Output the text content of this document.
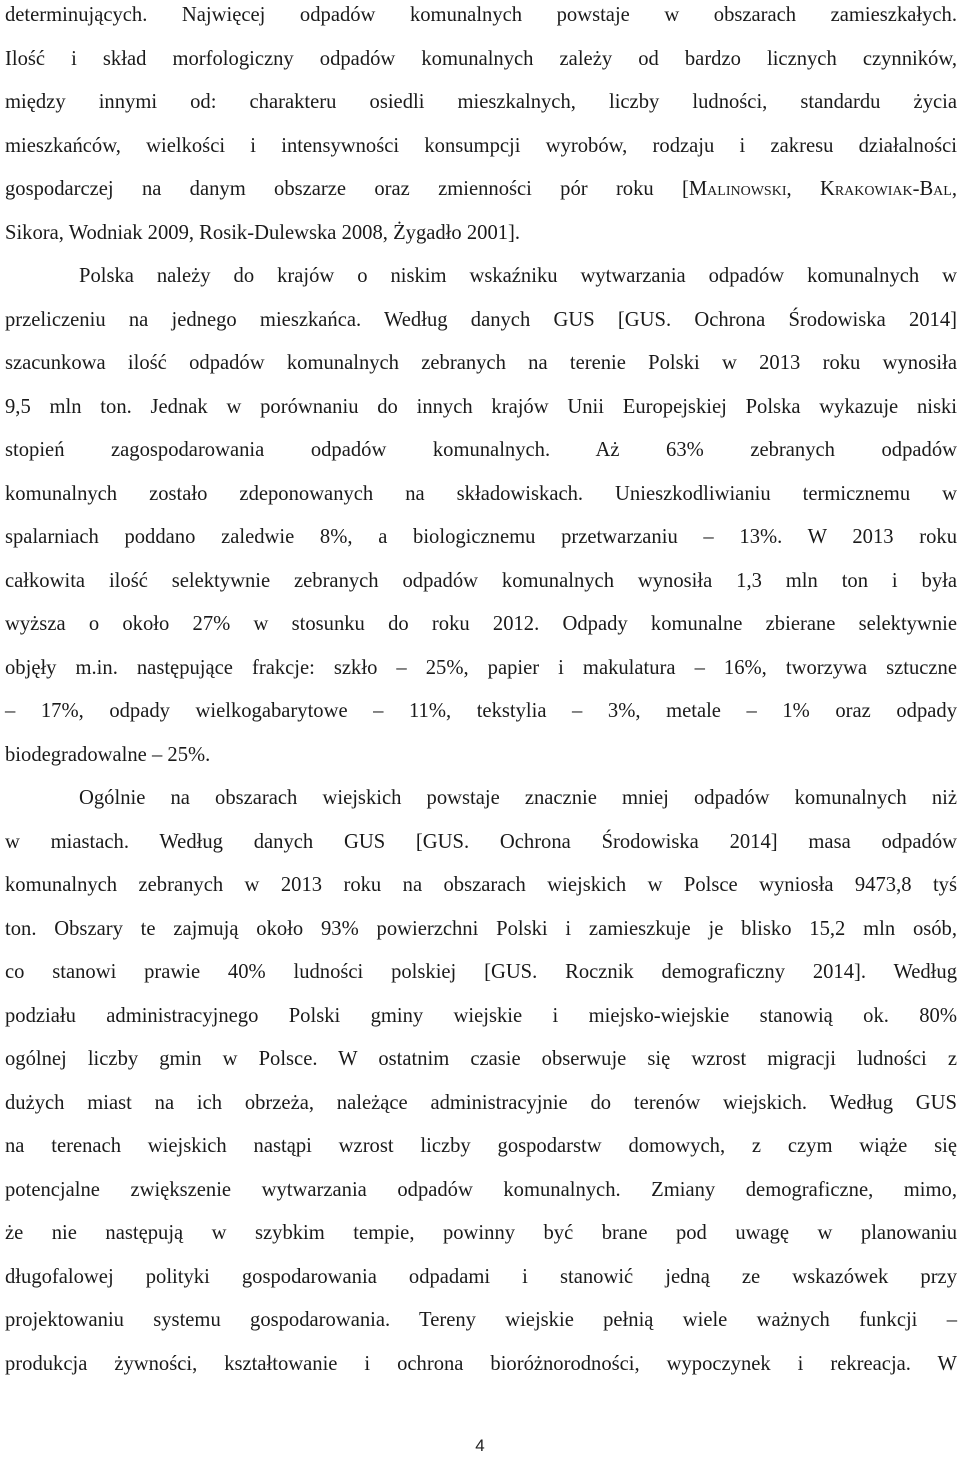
determinujących. Najwięcej odpadów komunalnych powstaje w obszarach zamieszkałych.

Ilość i skład morfologiczny odpadów komunalnych zależy od bardzo licznych czynników,

między innymi od: charakteru osiedli mieszkalnych, liczby ludności, standardu życia

mieszkańców, wielkości i intensywności konsumpcji wyrobów, rodzaju i zakresu działalności

gospodarczej na danym obszarze oraz zmienności pór roku [Malinowski, Krakowiak-Bal,

Sikora, Wodniak 2009, Rosik-Dulewska 2008, Żygadło 2001].

Polska należy do krajów o niskim wskaźniku wytwarzania odpadów komunalnych w

przeliczeniu na jednego mieszkańca. Według danych GUS [GUS. Ochrona Środowiska 2014]

szacunkowa ilość odpadów komunalnych zebranych na terenie Polski w 2013 roku wynosiła

9,5 mln ton. Jednak w porównaniu do innych krajów Unii Europejskiej Polska wykazuje niski

stopień zagospodarowania odpadów komunalnych. Aż 63% zebranych odpadów

komunalnych zostało zdeponowanych na składowiskach. Unieszkodliwianiu termicznemu w

spalarniach poddano zaledwie 8%, a biologicznemu przetwarzaniu – 13%. W 2013 roku

całkowita ilość selektywnie zebranych odpadów komunalnych wynosiła 1,3 mln ton i była

wyższa o około 27% w stosunku do roku 2012. Odpady komunalne zbierane selektywnie

objęły m.in. następujące frakcje: szkło – 25%, papier i makulatura – 16%, tworzywa sztuczne

– 17%, odpady wielkogabarytowe – 11%, tekstylia – 3%, metale – 1% oraz odpady

biodegradowalne – 25%.

Ogólnie na obszarach wiejskich powstaje znacznie mniej odpadów komunalnych niż

w miastach. Według danych GUS [GUS. Ochrona Środowiska 2014] masa odpadów

komunalnych zebranych w 2013 roku na obszarach wiejskich w Polsce wyniosła 9473,8 tyś

ton. Obszary te zajmują około 93% powierzchni Polski i zamieszkuje je blisko 15,2 mln osób,

co stanowi prawie 40% ludności polskiej [GUS. Rocznik demograficzny 2014]. Według

podziału administracyjnego Polski gminy wiejskie i miejsko-wiejskie stanowią ok. 80%

ogólnej liczby gmin w Polsce. W ostatnim czasie obserwuje się wzrost migracji ludności z

dużych miast na ich obrzeża, należące administracyjnie do terenów wiejskich. Według GUS

na terenach wiejskich nastąpi wzrost liczby gospodarstw domowych, z czym wiąże się

potencjalne zwiększenie wytwarzania odpadów komunalnych. Zmiany demograficzne, mimo,

że nie następują w szybkim tempie, powinny być brane pod uwagę w planowaniu

długofalowej polityki gospodarowania odpadami i stanowić jedną ze wskazówek przy

projektowaniu systemu gospodarowania. Tereny wiejskie pełnią wiele ważnych funkcji –

produkcja żywności, kształtowanie i ochrona bioróżnorodności, wypoczynek i rekreacja. W

4
